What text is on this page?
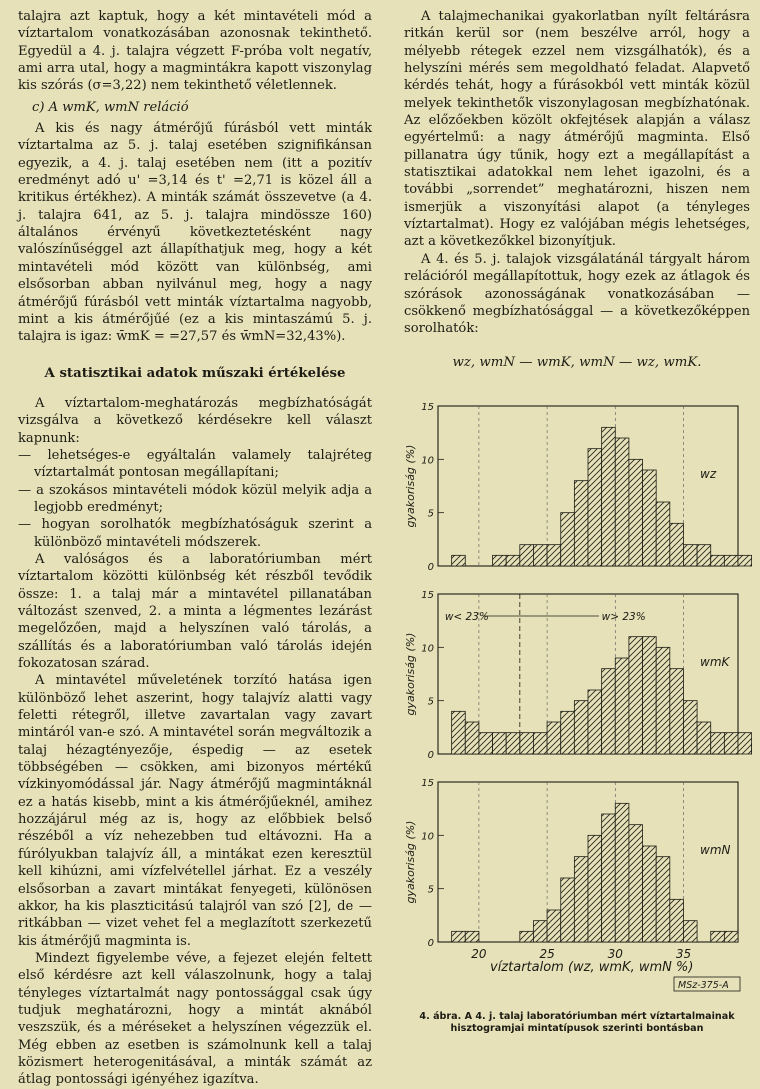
talajra azt kaptuk, hogy a két mintavételi mód a víztartalom vonatkozásában azonosnak tekinthető. Egyedül a 4. j. talajra végzett F-próba volt negatív, ami arra utal, hogy a magmintákra kapott viszonylag kis szórás (σ=3,22) nem tekinthető véletlennek.

c) A wmK, wmN reláció

A kis és nagy átmérőjű fúrásból vett minták víztartalma az 5. j. talaj esetében szignifikánsan egyezik, a 4. j. talaj esetében nem (itt a pozitív eredményt adó u' =3,14 és t' =2,71 is közel áll a kritikus értékhez). A minták számát összevetve (a 4. j. talajra 641, az 5. j. talajra mindössze 160) általános érvényű következtetésként nagy valószínűséggel azt állapíthatjuk meg, hogy a két mintavételi mód között van különbség, ami elsősorban abban nyilvánul meg, hogy a nagy átmérőjű fúrásból vett minták víztartalma nagyobb, mint a kis átmérőjűé (ez a kis mintaszámú 5. j. talajra is igaz: w̄mK = =27,57 és w̄mN=32,43%).

A statisztikai adatok műszaki értékelése

A víztartalom-meghatározás megbízhatóságát vizsgálva a következő kérdésekre kell választ kapnunk:

— lehetséges-e egyáltalán valamely talajréteg víztartalmát pontosan megállapítani;

— a szokásos mintavételi módok közül melyik adja a legjobb eredményt;

— hogyan sorolhatók megbízhatóságuk szerint a különböző mintavételi módszerek.

A valóságos és a laboratóriumban mért víztartalom közötti különbség két részből tevődik össze: 1. a talaj már a mintavétel pillanatában változást szenved, 2. a minta a légmentes lezárást megelőzően, majd a helyszínen való tárolás, a szállítás és a laboratóriumban való tárolás idején fokozatosan szárad.

A mintavétel műveletének torzító hatása igen különböző lehet aszerint, hogy talajvíz alatti vagy feletti rétegről, illetve zavartalan vagy zavart mintáról van-e szó. A mintavétel során megváltozik a talaj hézagtényezője, éspedig — az esetek többségében — csökken, ami bizonyos mértékű vízkinyomódással jár. Nagy átmérőjű magmintáknál ez a hatás kisebb, mint a kis átmérőjűeknél, amihez hozzájárul még az is, hogy az előbbiek belső részéből a víz nehezebben tud eltávozni. Ha a fúrólyukban talajvíz áll, a mintákat ezen keresztül kell kihúzni, ami vízfelvétellel járhat. Ez a veszély elsősorban a zavart mintákat fenyegeti, különösen akkor, ha kis plaszticitású talajról van szó [2], de — ritkábban — vizet vehet fel a meglazított szerkezetű kis átmérőjű magminta is.

Mindezt figyelembe véve, a fejezet elején feltett első kérdésre azt kell válaszolnunk, hogy a talaj tényleges víztartalmát nagy pontossággal csak úgy tudjuk meghatározni, hogy a mintát aknából veszszük, és a méréseket a helyszínen végezzük el. Még ebben az esetben is számolnunk kell a talaj közismert heterogenitásával, a minták számát az átlag pontossági igényéhez igazítva.

A talajmechanikai gyakorlatban nyílt feltárásra ritkán kerül sor (nem beszélve arról, hogy a mélyebb rétegek ezzel nem vizsgálhatók), és a helyszíni mérés sem megoldható feladat. Alapvető kérdés tehát, hogy a fúrásokból vett minták közül melyek tekinthetők viszonylagosan megbízhatónak. Az előzőekben közölt okfejtések alapján a válasz egyértelmű: a nagy átmérőjű magminta. Első pillanatra úgy tűnik, hogy ezt a megállapítást a statisztikai adatokkal nem lehet igazolni, és a további „sorrendet” meghatározni, hiszen nem ismerjük a viszonyítási alapot (a tényleges víztartalmat). Hogy ez valójában mégis lehetséges, azt a következőkkel bizonyítjuk.

A 4. és 5. j. talajok vizsgálatánál tárgyalt három relációról megállapítottuk, hogy ezek az átlagok és szórások azonosságának vonatkozásában — csökkenő megbízhatósággal — a következőképpen sorolhatók:

wz, wmN — wmK, wmN — wz, wmK.

0
5
10
15
wz
gyakoriság (%)
0
5
10
15
wmK
gyakoriság (%)
0
5
10
15
wmN
gyakoriság (%)
w< 23%	w> 23%
20	25	30	35
víztartalom (wz, wmK, wmN %)
MSz-375-A
4. ábra. A 4. j. talaj laboratóriumban mért víztartalmainak hisztogramjai mintatípusok szerinti bontásban
